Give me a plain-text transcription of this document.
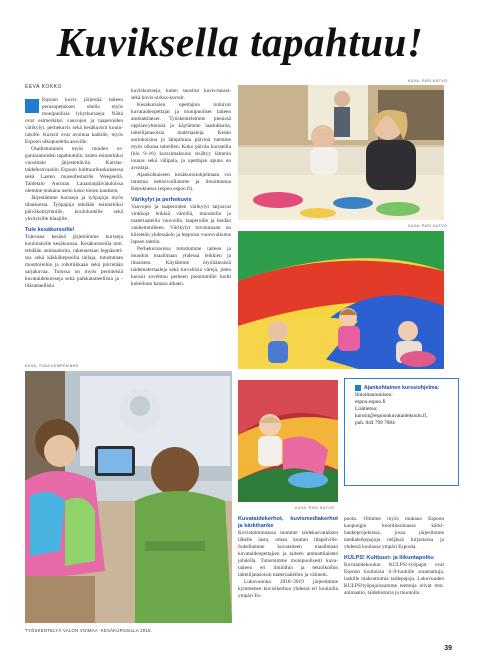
Kuviksella tapahtuu!
EEVA KOKKO

Espoon kuvis järjestää taiteen perusopetuksen ohella myös monipuolisia lyhytkursseja. Näitä ovat esimerkiksi vauvojen ja taaperoiden värikylyt, perhekuvis sekä kesäkurssit koululaisille. Kurssit ovat avoinna kaikille, myös Espoon ulkopuolelta asuville.

Osallistuminen myös muiden organisaatioiden tapahtumiin, kuten esimerkiksi vuosittain järjestettäviin Kutrias-taidefestivaaliin Espoon kulttuurikeskuksessa sekä Lasten museofestarille Weegeellä. Taidetalo Auroran Lauantaipäivätuloissa olemme mukana usein koko toisen kauksen.

Järjestämme kursseja ja työpajoja myös tilauksesta. Työpajoja tehdään esimerkiksi päiväkotiryhmille, koululuokille sekä yksityisille tilaajille.

Tule kesäkurssille!

Tulevana kesänä järjestämme kursseja koululaisille kesäkuussa. Kesäkursseilla mm. tehdään animaatioita, rakennetaan leppäsottissa sekä käkkähepsoilla tallaja, tutustutaan moottoreihin ja robotiikkaan sekä piirretään sarjakuvaa. Tulossa on myös perinteisiä kuvataidekursseja sekä paikkataiteellisia ja -liikuntaellisia

kuviskursseja, kuten suositut kuvis-tanssi- sekä kuvis-sirkus-kurssit.

Kesäkurssien opettajina toimivat kuvataideopettajat ja monipuoliset taiteen ammattilaiset. Työskentelemme pienissä oppilasryhmissä ja käytämme laadukkaita, taiteilijatasoisia materiaaleja. Kesän aurinkoisina ja lämpimina päivinä tuemme myös ulkona taiteillen. Koko päivän kursseilla (klo 9–16) kurssimaksuun sisältyy lämmin lounas sekä välipala, ja opettajan apuna on avustaja.

Ajankohtaiseen kesäkurssiohjelmaan voi tutustua nettisivuillamme ja ilmoittautua Kepoknessa (espoo.espoo.fi).

Värikylyt ja perhekuvis

Vauvojen ja taaperoiden värikylyt tarjoavat vinkkoja leikkiä väreillä, muodoilla ja materiaaleilla vauvoille, taaperoille ja heidän vanhemmilleen. Värikylyt tuvutumaan on kiireetön yhdessäolo ja leppoisa vuorovaikutus lapsen tahtiin.

Perhekursseissa tutustumme taiteen ja muodon maailmaan yhdessä leikkien ja ilmaisten. Käytämme myöhäinsisiä taidemateriaaleja sekä turvallisia värejä, joten kurssit sovelttuu perheen pienimmille tuotti kokeiluun kanssa alkaen.

KUVA: PASI KUTVO
KUVA: PASI KUTVO
KUVA: TIINA KEMPPAINEN
TYÖSKENTELYÄ VALON VOIMAA -KESÄKURSSILLA 2018.
KUVA: PASI KUTVO
Ajankohtainen kurssiohjelma:
Ilmoittautumisen:
espoo.espoo.fi
Lisätietoa:
kurssit@espoonkuvataidekoulu.fi,
puh. 044 799 7084
Kuvataidekerhot, kuvismediakerhot ja kärkihanke

Kuvistoiminnassa tuomme taidekasvatuksen lähelle lasta, oman koulun iltapäiville. Sukellamme kuvataiteen maailmaan kuvataideopettajien ja taiteen ammattilaisten johdolla. Tutustumme monipuolisesti kuvataiteen eri ilmiöihin ja tekniikoihin taiteilijatasoisin materiaaleihin ja välinein.

Lukuvuonna 2018–2019 järjestimme kymmenen kuvisikerhoa yhdessä eri kouluilla ympäri Es-

poota. Olimme myös mukana Espoon kaupungin koordinoimassa kärkihankeprojektissa, jossa järjestimme medialeikepajoja neljässä kirjastossa ja yhdessä koulussa ympäri Espoota.

KULPS! Kulttuuri- ja liikuntapolku

Kuvataidekoulun KULPS!-työpajat ovat Espoon kouluissa 4–9-luokille suunnattuja, laskille maksuttomia taidepajoja. Lukuvuoden KULPS!työpajoissamme teemoja olivat mm. animaatio, taidehistoria ja muotoilu.

39
